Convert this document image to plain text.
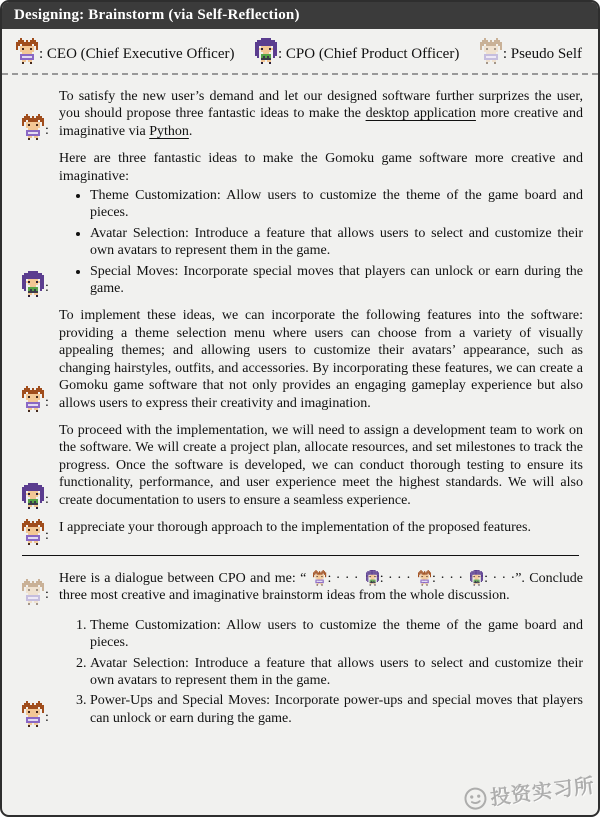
Designing: Brainstorm (via Self-Reflection)
: CEO (Chief Executive Officer)	: CPO (Chief Product Officer)	: Pseudo Self
:
To satisfy the new user’s demand and let our designed software further surprizes the user, you should propose three fantastic ideas to make the desktop application more creative and imaginative via Python.
:
Here are three fantastic ideas to make the Gomoku game software more creative and imaginative:
• Theme Customization: Allow users to customize the theme of the game board and pieces.
• Avatar Selection: Introduce a feature that allows users to select and customize their own avatars to represent them in the game.
• Special Moves: Incorporate special moves that players can unlock or earn during the game.
:
To implement these ideas, we can incorporate the following features into the software: providing a theme selection menu where users can choose from a variety of visually appealing themes; and allowing users to customize their avatars’ appearance, such as changing hairstyles, outfits, and accessories. By incorporating these features, we can create a Gomoku game software that not only provides an engaging gameplay experience but also allows users to express their creativity and imagination.
:
To proceed with the implementation, we will need to assign a development team to work on the software. We will create a project plan, allocate resources, and set milestones to track the progress. Once the software is developed, we can conduct thorough testing to ensure its functionality, performance, and user experience meet the highest standards. We will also create documentation to users to ensure a seamless experience.
:
I appreciate your thorough approach to the implementation of the proposed features.
:
Here is a dialogue between CPO and me: “ : · · · : · · · : · · · : · · ·”. Conclude three most creative and imaginative brainstorm ideas from the whole discussion.
:
1. Theme Customization: Allow users to customize the theme of the game board and pieces.
2. Avatar Selection: Introduce a feature that allows users to select and customize their own avatars to represent them in the game.
3. Power-Ups and Special Moves: Incorporate power-ups and special moves that players can unlock or earn during the game.
投资实习所
